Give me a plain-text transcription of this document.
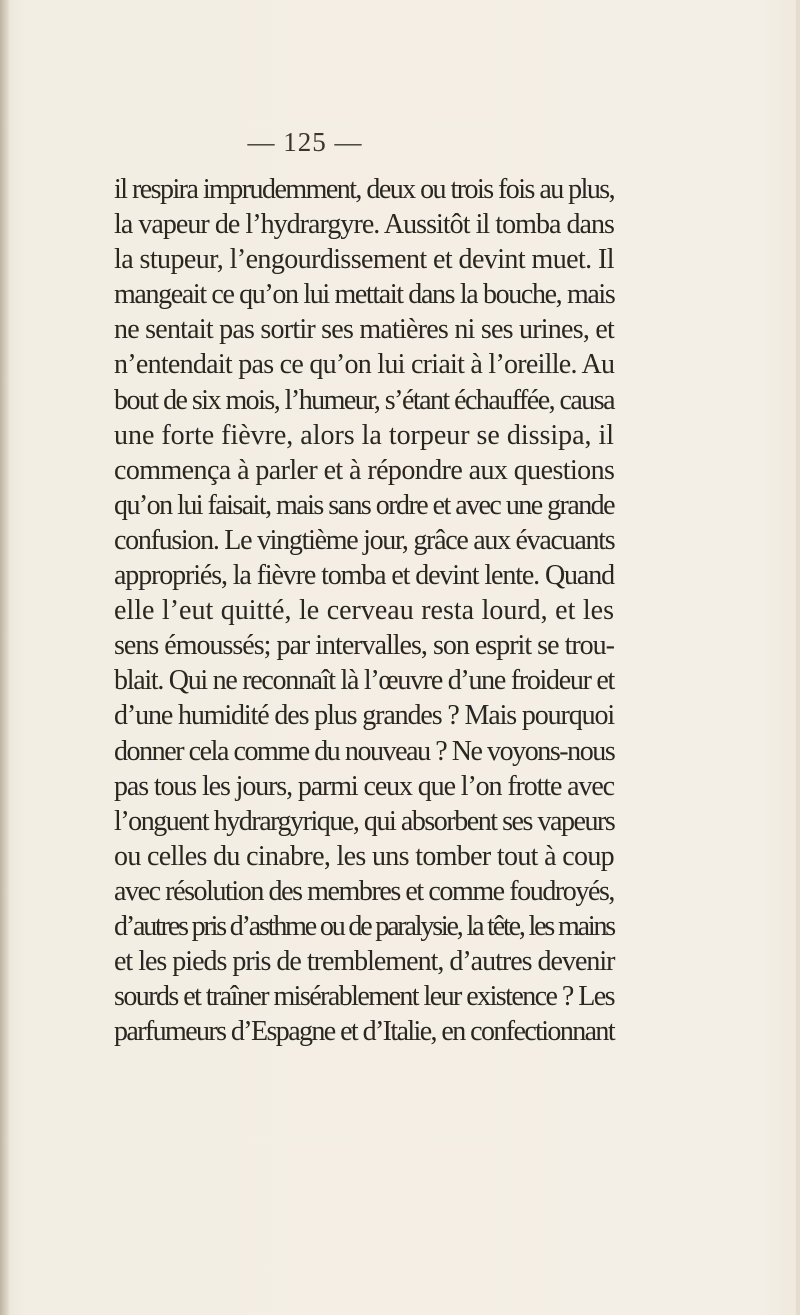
— 125 —
il respira imprudemment, deux ou trois fois au plus,
la vapeur de l’hydrargyre. Aussitôt il tomba dans
la stupeur, l’engourdissement et devint muet. Il
mangeait ce qu’on lui mettait dans la bouche, mais
ne sentait pas sortir ses matières ni ses urines, et
n’entendait pas ce qu’on lui criait à l’oreille. Au
bout de six mois, l’humeur, s’étant échauffée, causa
une forte fièvre, alors la torpeur se dissipa, il
commença à parler et à répondre aux questions
qu’on lui faisait, mais sans ordre et avec une grande
confusion. Le vingtième jour, grâce aux évacuants
appropriés, la fièvre tomba et devint lente. Quand
elle l’eut quitté, le cerveau resta lourd, et les
sens émoussés; par intervalles, son esprit se trou-
blait. Qui ne reconnaît là l’œuvre d’une froideur et
d’une humidité des plus grandes ? Mais pourquoi
donner cela comme du nouveau ? Ne voyons-nous
pas tous les jours, parmi ceux que l’on frotte avec
l’onguent hydrargyrique, qui absorbent ses vapeurs
ou celles du cinabre, les uns tomber tout à coup
avec résolution des membres et comme foudroyés,
d’autres pris d’asthme ou de paralysie, la tête, les mains
et les pieds pris de tremblement, d’autres devenir
sourds et traîner misérablement leur existence ? Les
parfumeurs d’Espagne et d’Italie, en confectionnant
